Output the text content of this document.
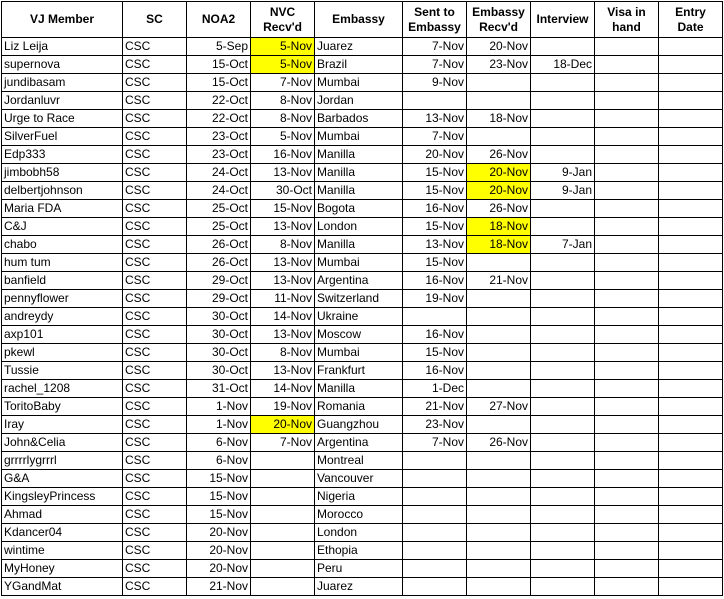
VJ Member	SC	NOA2	NVC Recv'd	Embassy	Sent to Embassy	Embassy Recv'd	Interview	Visa in hand	Entry Date
Liz Leija	CSC	5-Sep	5-Nov	Juarez	7-Nov	20-Nov			
supernova	CSC	15-Oct	5-Nov	Brazil	7-Nov	23-Nov	18-Dec		
jundibasam	CSC	15-Oct	7-Nov	Mumbai	9-Nov				
Jordanluvr	CSC	22-Oct	8-Nov	Jordan					
Urge to Race	CSC	22-Oct	8-Nov	Barbados	13-Nov	18-Nov			
SilverFuel	CSC	23-Oct	5-Nov	Mumbai	7-Nov				
Edp333	CSC	23-Oct	16-Nov	Manilla	20-Nov	26-Nov			
jimbobh58	CSC	24-Oct	13-Nov	Manilla	15-Nov	20-Nov	9-Jan		
delbertjohnson	CSC	24-Oct	30-Oct	Manilla	15-Nov	20-Nov	9-Jan		
Maria FDA	CSC	25-Oct	15-Nov	Bogota	16-Nov	26-Nov			
C&J	CSC	25-Oct	13-Nov	London	15-Nov	18-Nov			
chabo	CSC	26-Oct	8-Nov	Manilla	13-Nov	18-Nov	7-Jan		
hum tum	CSC	26-Oct	13-Nov	Mumbai	15-Nov				
banfield	CSC	29-Oct	13-Nov	Argentina	16-Nov	21-Nov			
pennyflower	CSC	29-Oct	11-Nov	Switzerland	19-Nov				
andreydy	CSC	30-Oct	14-Nov	Ukraine					
axp101	CSC	30-Oct	13-Nov	Moscow	16-Nov				
pkewl	CSC	30-Oct	8-Nov	Mumbai	15-Nov				
Tussie	CSC	30-Oct	13-Nov	Frankfurt	16-Nov				
rachel_1208	CSC	31-Oct	14-Nov	Manilla	1-Dec				
ToritoBaby	CSC	1-Nov	19-Nov	Romania	21-Nov	27-Nov			
Iray	CSC	1-Nov	20-Nov	Guangzhou	23-Nov				
John&Celia	CSC	6-Nov	7-Nov	Argentina	7-Nov	26-Nov			
grrrrlygrrrl	CSC	6-Nov		Montreal					
G&A	CSC	15-Nov		Vancouver					
KingsleyPrincess	CSC	15-Nov		Nigeria					
Ahmad	CSC	15-Nov		Morocco					
Kdancer04	CSC	20-Nov		London					
wintime	CSC	20-Nov		Ethopia					
MyHoney	CSC	20-Nov		Peru					
YGandMat	CSC	21-Nov		Juarez					
